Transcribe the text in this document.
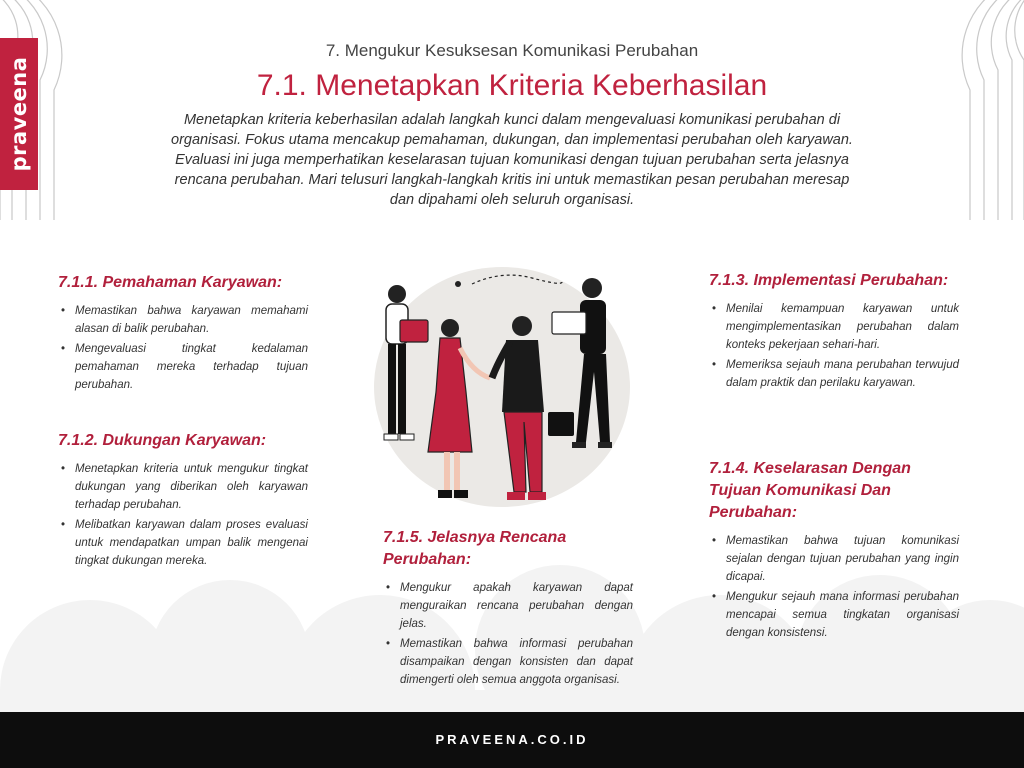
praveena
7. Mengukur Kesuksesan Komunikasi Perubahan
7.1. Menetapkan Kriteria Keberhasilan
Menetapkan kriteria keberhasilan adalah langkah kunci dalam mengevaluasi komunikasi perubahan di organisasi. Fokus utama mencakup pemahaman, dukungan, dan implementasi perubahan oleh karyawan. Evaluasi ini juga memperhatikan keselarasan tujuan komunikasi dengan tujuan perubahan serta jelasnya rencana perubahan. Mari telusuri langkah-langkah kritis ini untuk memastikan pesan perubahan meresap dan dipahami oleh seluruh organisasi.
7.1.1. Pemahaman Karyawan:
• Memastikan bahwa karyawan memahami alasan di balik perubahan.
• Mengevaluasi tingkat kedalaman pemahaman mereka terhadap tujuan perubahan.
7.1.2. Dukungan Karyawan:
• Menetapkan kriteria untuk mengukur tingkat dukungan yang diberikan oleh karyawan terhadap perubahan.
• Melibatkan karyawan dalam proses evaluasi untuk mendapatkan umpan balik mengenai tingkat dukungan mereka.
7.1.3. Implementasi Perubahan:
• Menilai kemampuan karyawan untuk mengimplementasikan perubahan dalam konteks pekerjaan sehari-hari.
• Memeriksa sejauh mana perubahan terwujud dalam praktik dan perilaku karyawan.
7.1.4. Keselarasan Dengan Tujuan Komunikasi Dan Perubahan:
• Memastikan bahwa tujuan komunikasi sejalan dengan tujuan perubahan yang ingin dicapai.
• Mengukur sejauh mana informasi perubahan mencapai semua tingkatan organisasi dengan konsistensi.
7.1.5. Jelasnya Rencana Perubahan:
• Mengukur apakah karyawan dapat menguraikan rencana perubahan dengan jelas.
• Memastikan bahwa informasi perubahan disampaikan dengan konsisten dan dapat dimengerti oleh semua anggota organisasi.
PRAVEENA.CO.ID
